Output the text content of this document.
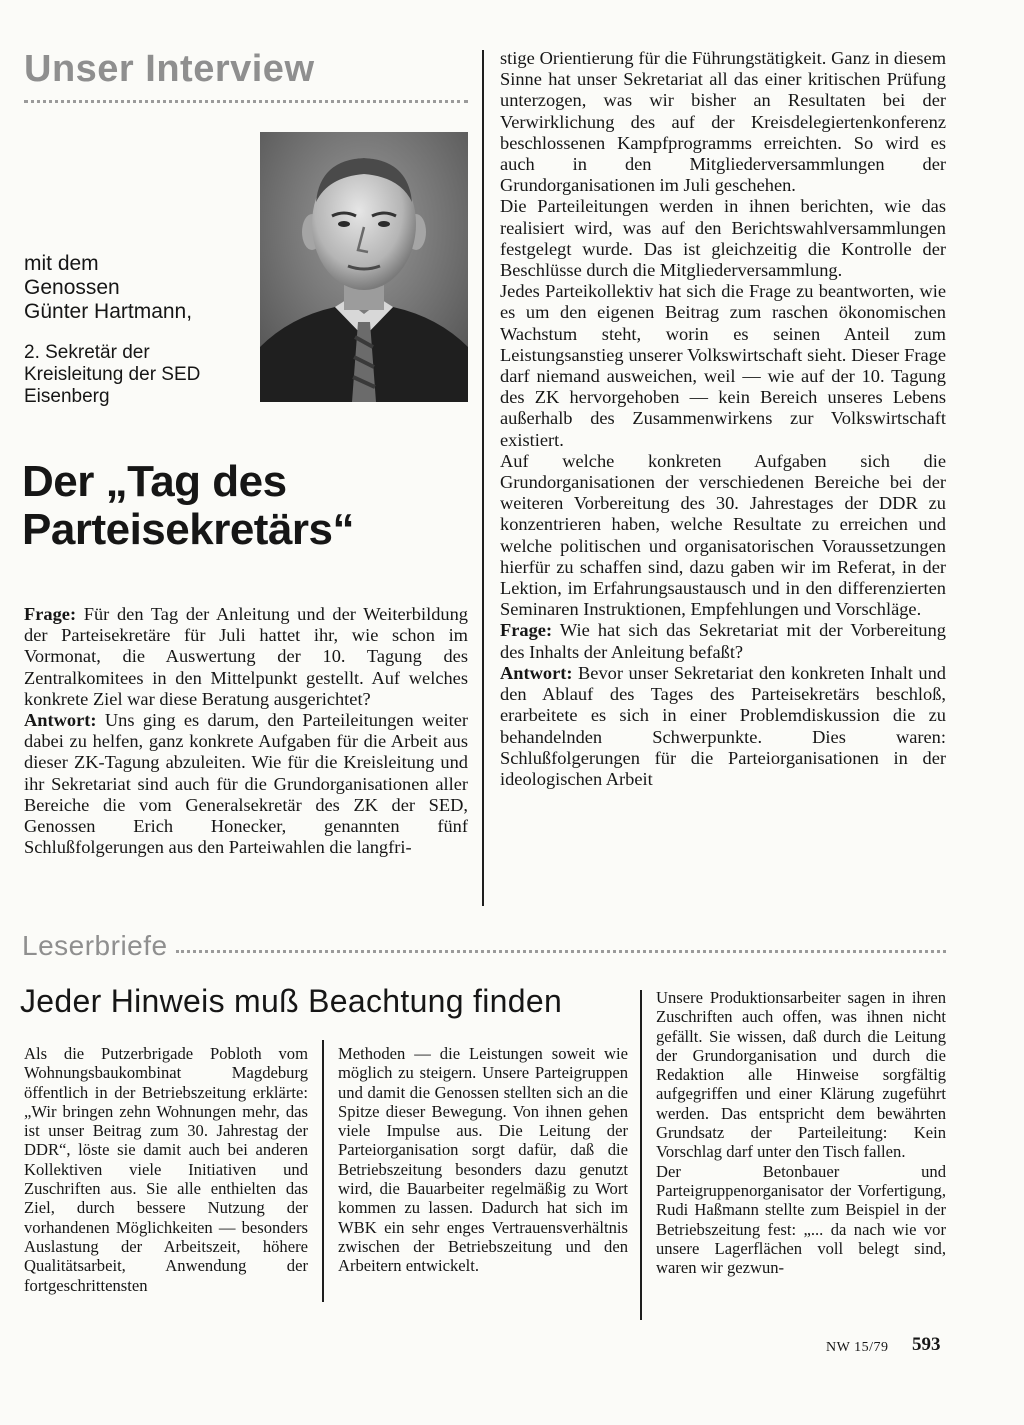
Unser Interview
mit dem
Genossen
Günter Hartmann,
2. Sekretär der
Kreisleitung der SED
Eisenberg
Der „Tag des
Parteisekretärs“

Frage: Für den Tag der Anleitung und der Weiterbildung der Parteisekretäre für Juli hattet ihr, wie schon im Vormonat, die Auswertung der 10. Tagung des Zentralkomitees in den Mittelpunkt gestellt. Auf welches konkrete Ziel war diese Beratung ausgerichtet?

Antwort: Uns ging es darum, den Parteileitungen weiter dabei zu helfen, ganz konkrete Aufgaben für die Arbeit aus dieser ZK-Tagung abzuleiten. Wie für die Kreisleitung und ihr Sekretariat sind auch für die Grundorganisationen aller Bereiche die vom Generalsekretär des ZK der SED, Genossen Erich Honecker, genannten fünf Schlußfolgerungen aus den Parteiwahlen die langfri-

stige Orientierung für die Führungstätigkeit. Ganz in diesem Sinne hat unser Sekretariat all das einer kritischen Prüfung unterzogen, was wir bisher an Resultaten bei der Verwirklichung des auf der Kreisdelegiertenkonferenz beschlossenen Kampfprogramms erreichten. So wird es auch in den Mitgliederversammlungen der Grundorganisationen im Juli geschehen.

Die Parteileitungen werden in ihnen berichten, wie das realisiert wird, was auf den Berichtswahlversammlungen festgelegt wurde. Das ist gleichzeitig die Kontrolle der Beschlüsse durch die Mitgliederversammlung.

Jedes Parteikollektiv hat sich die Frage zu beantworten, wie es um den eigenen Beitrag zum raschen ökonomischen Wachstum steht, worin es seinen Anteil zum Leistungsanstieg unserer Volkswirtschaft sieht. Dieser Frage darf niemand ausweichen, weil — wie auf der 10. Tagung des ZK hervorgehoben — kein Bereich unseres Lebens außerhalb des Zusammenwirkens zur Volkswirtschaft existiert.

Auf welche konkreten Aufgaben sich die Grundorganisationen der verschiedenen Bereiche bei der weiteren Vorbereitung des 30. Jahrestages der DDR zu konzentrieren haben, welche Resultate zu erreichen und welche politischen und organisatorischen Voraussetzungen hierfür zu schaffen sind, dazu gaben wir im Referat, in der Lektion, im Erfahrungsaustausch und in den differenzierten Seminaren Instruktionen, Empfehlungen und Vorschläge.

Frage: Wie hat sich das Sekretariat mit der Vorbereitung des Inhalts der Anleitung befaßt?

Antwort: Bevor unser Sekretariat den konkreten Inhalt und den Ablauf des Tages des Parteisekretärs beschloß, erarbeitete es sich in einer Problemdiskussion die zu behandelnden Schwerpunkte. Dies waren: Schlußfolgerungen für die Parteiorganisationen in der ideologischen Arbeit

Leserbriefe
Jeder Hinweis muß Beachtung finden

Als die Putzerbrigade Pobloth vom Wohnungsbaukombinat Magdeburg öffentlich in der Betriebszeitung erklärte: „Wir bringen zehn Wohnungen mehr, das ist unser Beitrag zum 30. Jahrestag der DDR“, löste sie damit auch bei anderen Kollektiven viele Initiativen und Zuschriften aus. Sie alle enthielten das Ziel, durch bessere Nutzung der vorhandenen Möglichkeiten — besonders Auslastung der Arbeitszeit, höhere Qualitätsarbeit, Anwendung der fortgeschrittensten

Methoden — die Leistungen soweit wie möglich zu steigern. Unsere Parteigruppen und damit die Genossen stellten sich an die Spitze dieser Bewegung. Von ihnen gehen viele Impulse aus. Die Leitung der Parteiorganisation sorgt dafür, daß die Betriebszeitung besonders dazu genutzt wird, die Bauarbeiter regelmäßig zu Wort kommen zu lassen. Dadurch hat sich im WBK ein sehr enges Vertrauensverhältnis zwischen der Betriebszeitung und den Arbeitern entwickelt.

Unsere Produktionsarbeiter sagen in ihren Zuschriften auch offen, was ihnen nicht gefällt. Sie wissen, daß durch die Leitung der Grundorganisation und durch die Redaktion alle Hinweise sorgfältig aufgegriffen und einer Klärung zugeführt werden. Das entspricht dem bewährten Grundsatz der Parteileitung: Kein Vorschlag darf unter den Tisch fallen.

Der Betonbauer und Parteigruppenorganisator der Vorfertigung, Rudi Haßmann stellte zum Beispiel in der Betriebszeitung fest: „... da nach wie vor unsere Lagerflächen voll belegt sind, waren wir gezwun-

NW 15/79 593
